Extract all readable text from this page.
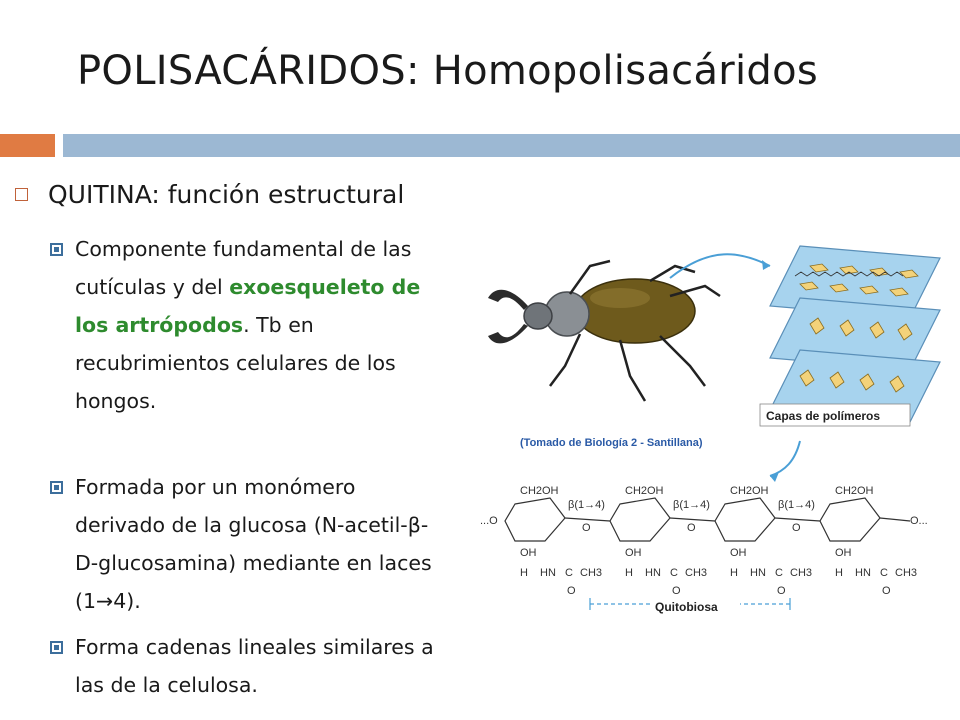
POLISACÁRIDOS: Homopolisacáridos
QUITINA: función estructural
Componente fundamental de las cutículas y del exoesqueleto de los artrópodos. Tb en recubrimientos celulares de los hongos.
Formada por un monómero derivado de la glucosa (N-acetil-β-D-glucosamina) mediante en laces (1→4).
Forma cadenas lineales similares a las de la celulosa.
Capas de polímeros
(Tomado de Biología 2 - Santillana)
...O
CH2OH	CH2OH	CH2OH	CH2OH
β(1→4)	β(1→4)	β(1→4)
O	O	O
OH	OH	OH	OH
H HN C CH3 H HN C CH3 H HN C CH3 H HN C CH3
O	O	O	O
O...
Quitobiosa
